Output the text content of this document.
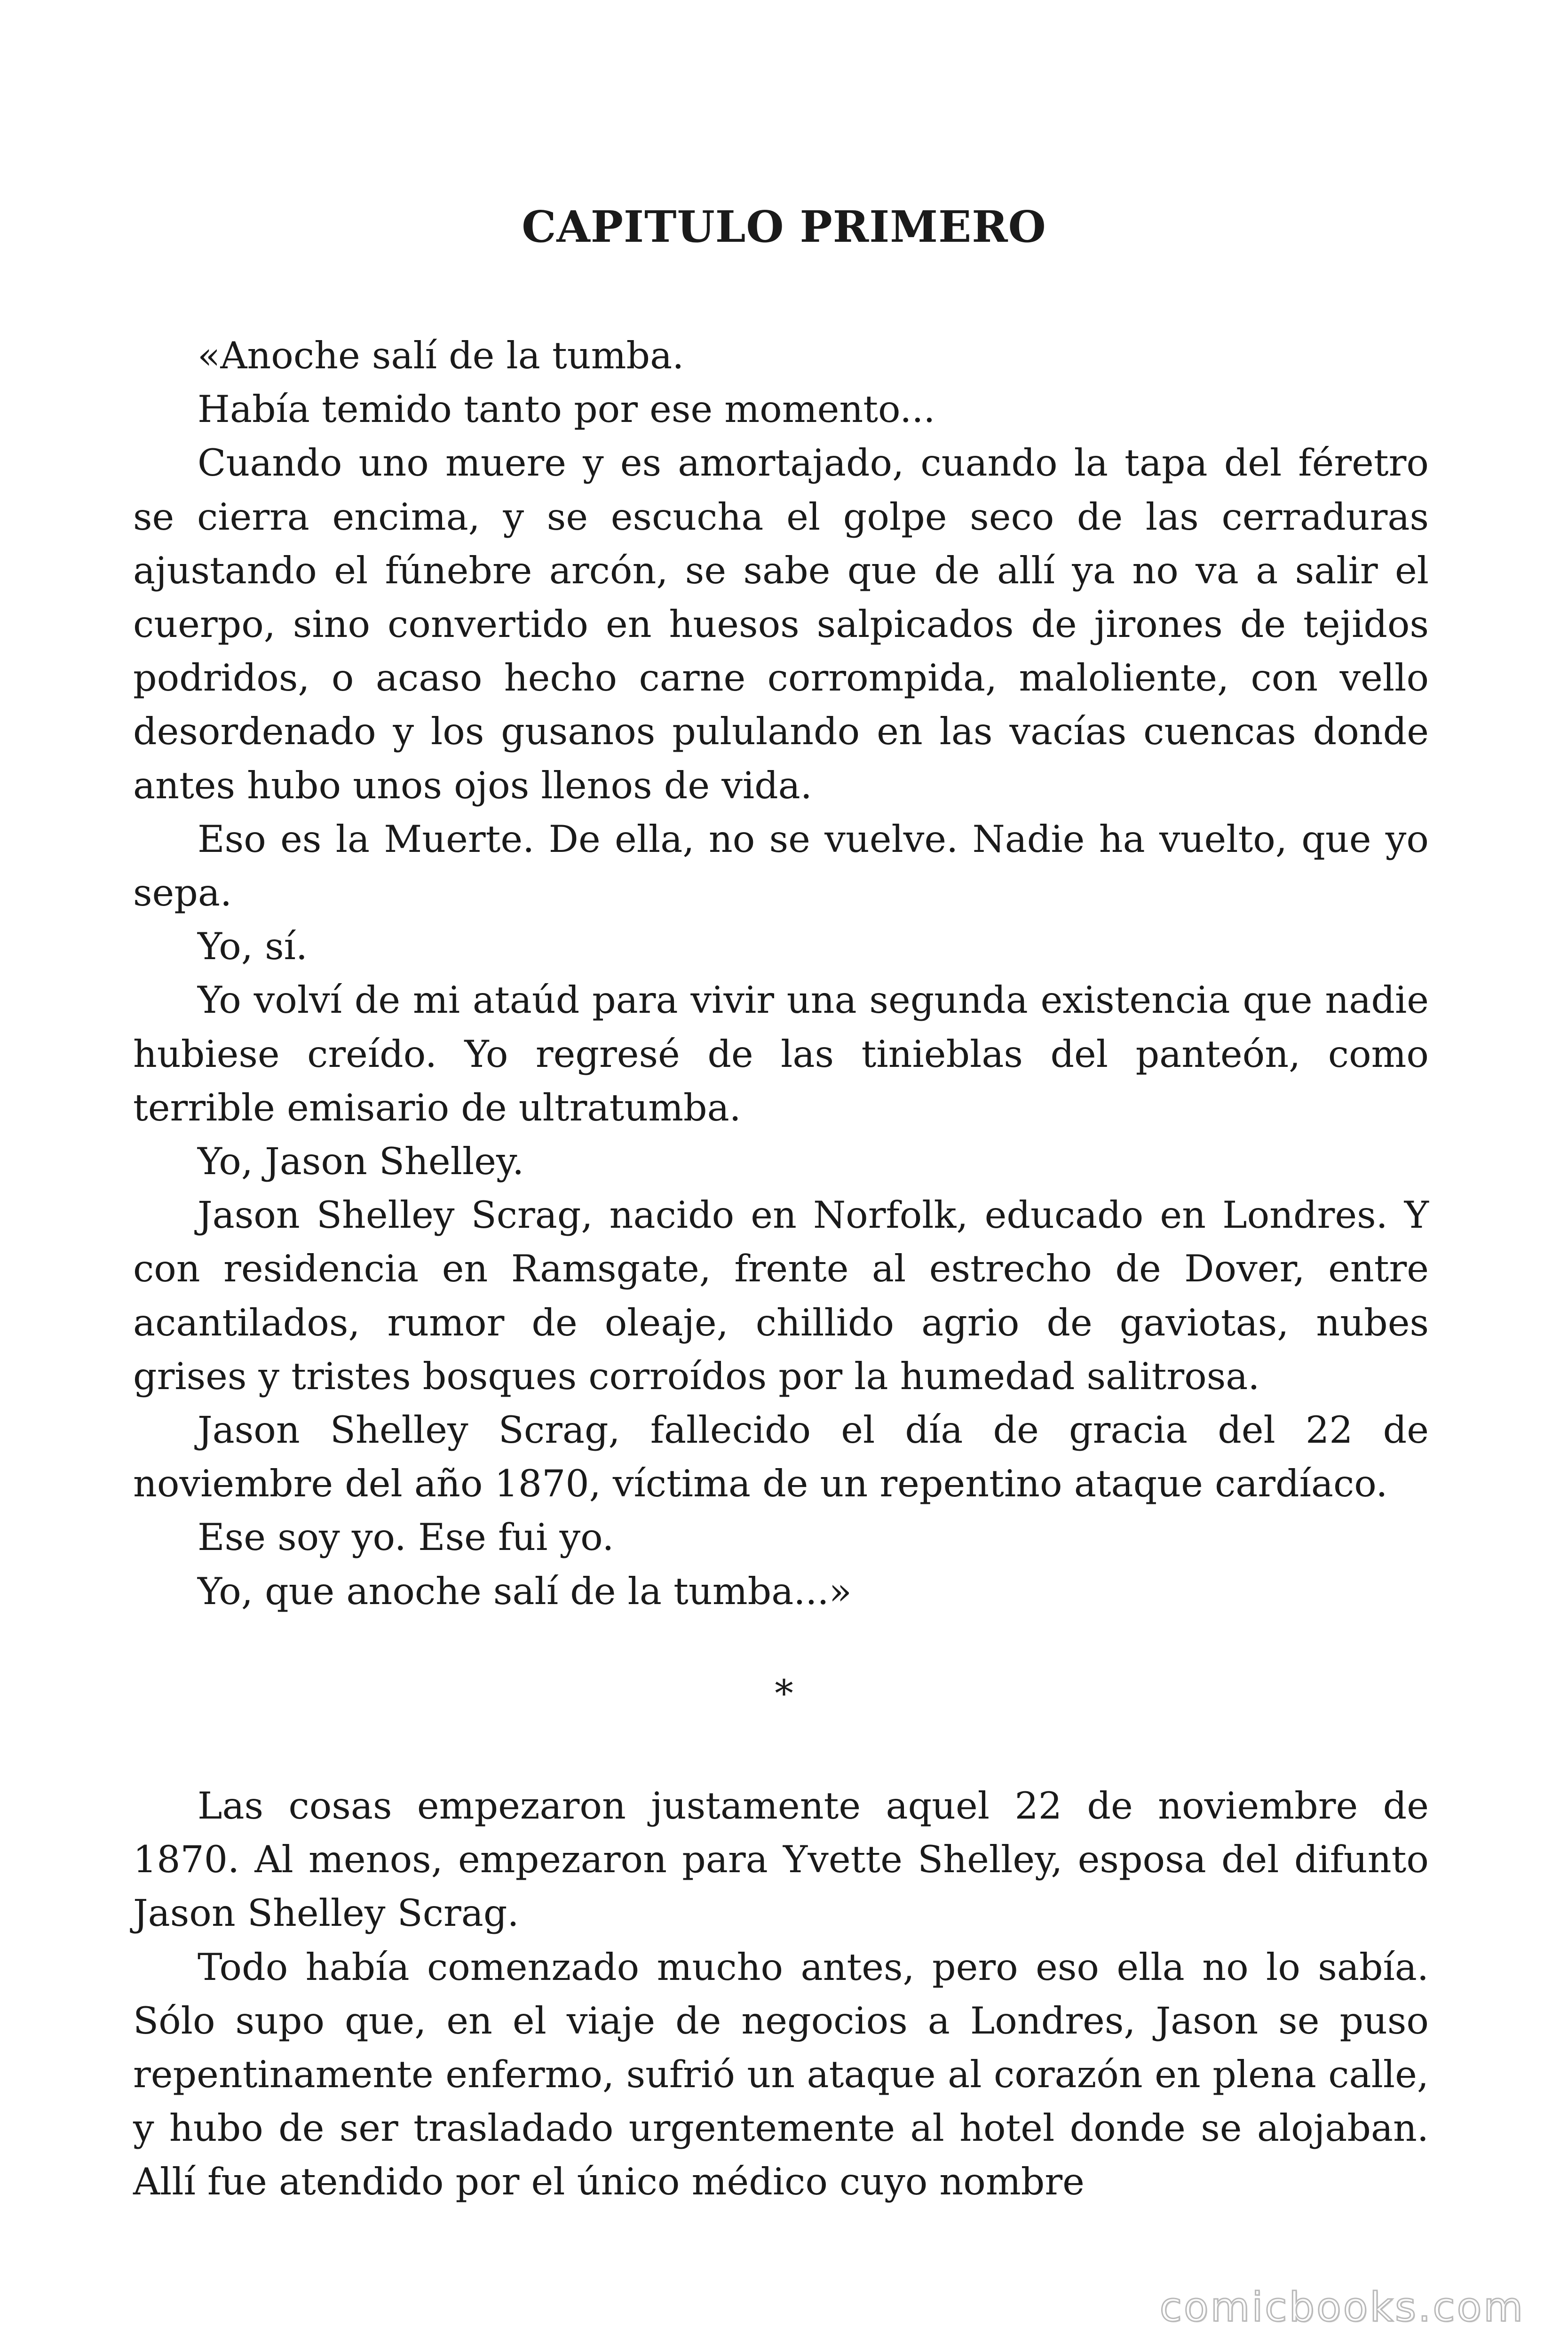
CAPITULO PRIMERO

«Anoche salí de la tumba.

Había temido tanto por ese momento...

Cuando uno muere y es amortajado, cuando la tapa del féretro se cierra encima, y se escucha el golpe seco de las cerraduras ajustando el fúnebre arcón, se sabe que de allí ya no va a salir el cuerpo, sino convertido en huesos salpicados de jirones de tejidos podridos, o acaso hecho carne corrompida, maloliente, con vello desordenado y los gusanos pululando en las vacías cuencas donde antes hubo unos ojos llenos de vida.

Eso es la Muerte. De ella, no se vuelve. Nadie ha vuelto, que yo sepa.

Yo, sí.

Yo volví de mi ataúd para vivir una segunda existencia que nadie hubiese creído. Yo regresé de las tinieblas del panteón, como terrible emisario de ultratumba.

Yo, Jason Shelley.

Jason Shelley Scrag, nacido en Norfolk, educado en Londres. Y con residencia en Ramsgate, frente al estrecho de Dover, entre acantilados, rumor de oleaje, chillido agrio de gaviotas, nubes grises y tristes bosques corroídos por la humedad salitrosa.

Jason Shelley Scrag, fallecido el día de gracia del 22 de noviembre del año 1870, víctima de un repentino ataque cardíaco.

Ese soy yo. Ese fui yo.

Yo, que anoche salí de la tumba...»

*

Las cosas empezaron justamente aquel 22 de noviembre de 1870. Al menos, empezaron para Yvette Shelley, esposa del difunto Jason Shelley Scrag.

Todo había comenzado mucho antes, pero eso ella no lo sabía. Sólo supo que, en el viaje de negocios a Londres, Jason se puso repentinamente enfermo, sufrió un ataque al corazón en plena calle, y hubo de ser trasladado urgentemente al hotel donde se alojaban. Allí fue atendido por el único médico cuyo nombre

comicbooks.com
